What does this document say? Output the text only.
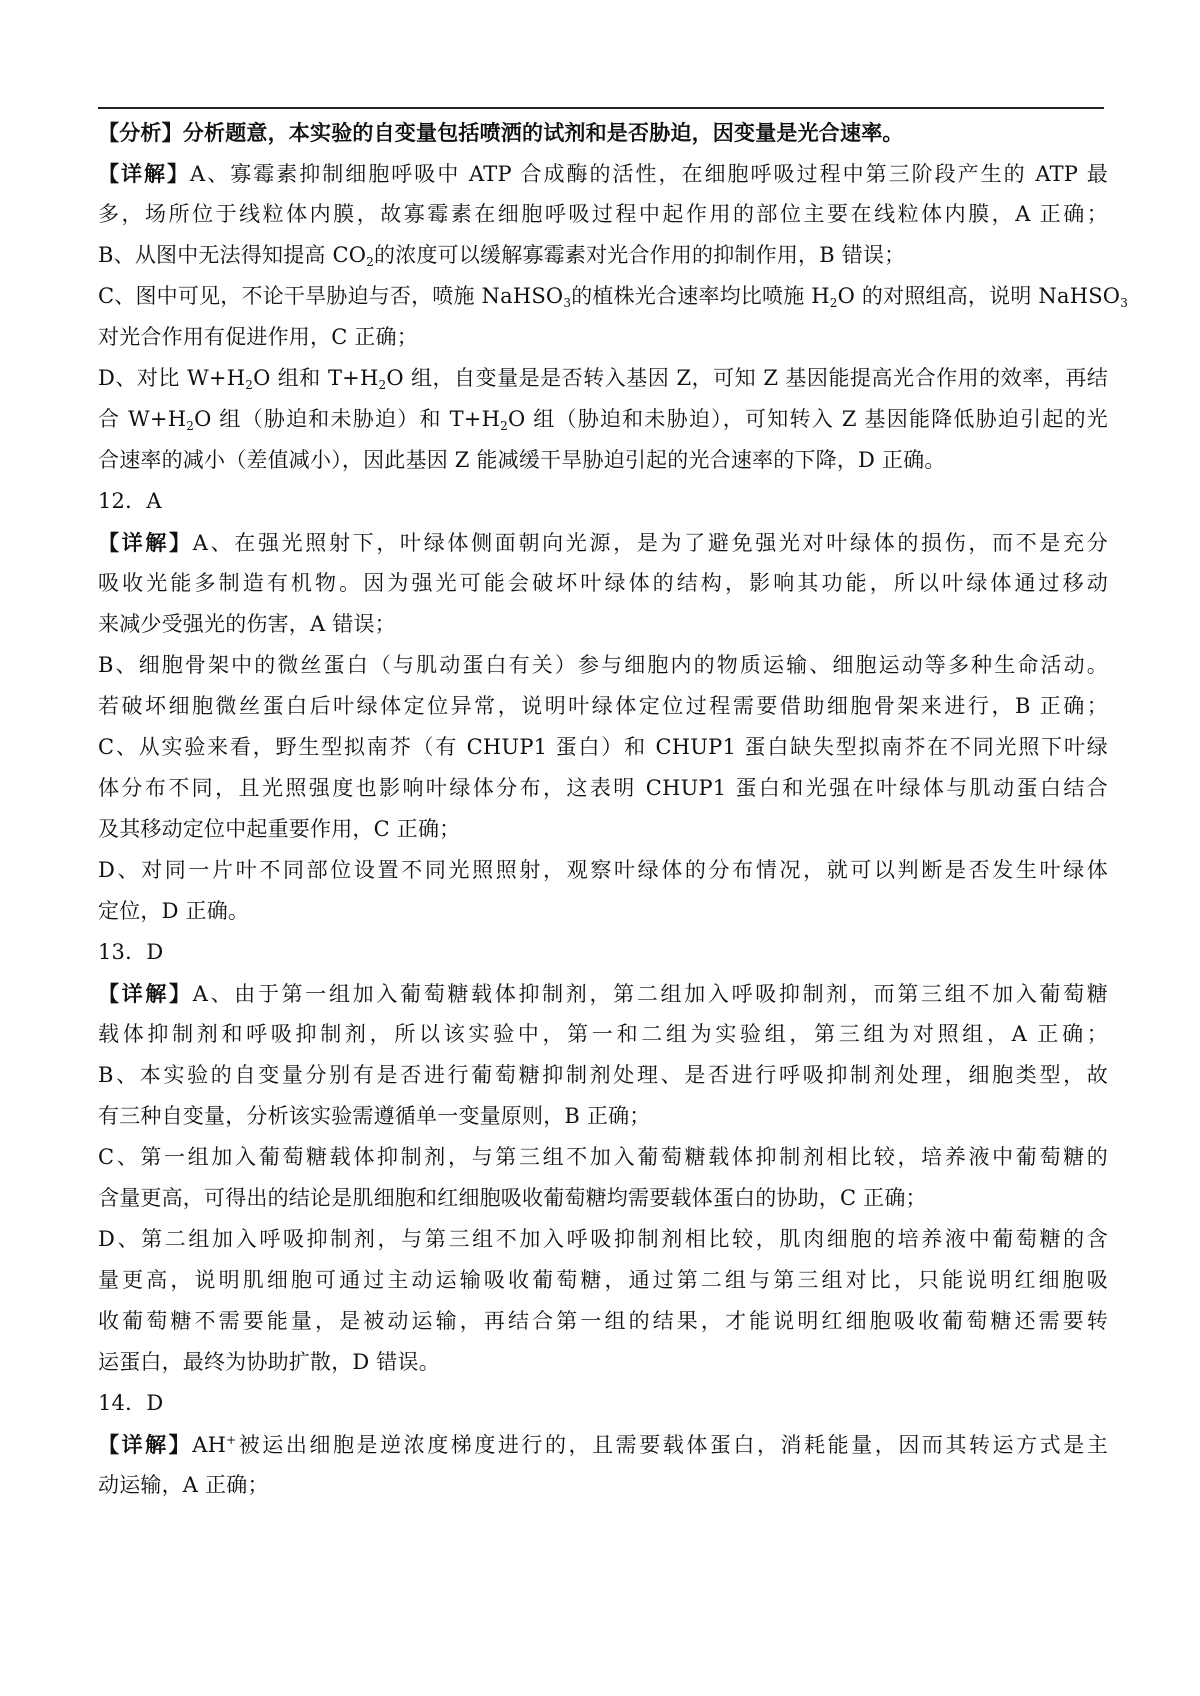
【分析】分析题意，本实验的自变量包括喷洒的试剂和是否胁迫，因变量是光合速率。
【详解】A、寡霉素抑制细胞呼吸中 ATP 合成酶的活性，在细胞呼吸过程中第三阶段产生的 ATP 最
多，场所位于线粒体内膜，故寡霉素在细胞呼吸过程中起作用的部位主要在线粒体内膜，A 正确；
B、从图中无法得知提高 $CO_2$的浓度可以缓解寡霉素对光合作用的抑制作用，B 错误；
C、图中可见，不论干旱胁迫与否，喷施 NaHSO$_3$的植株光合速率均比喷施 $H_2O$ 的对照组高，说明 NaHSO$_3$
对光合作用有促进作用，C 正确；
D、对比 $W+H_2O$ 组和 $T+H_2O$ 组，自变量是是否转入基因 Z，可知 Z 基因能提高光合作用的效率，再结
合 $W+H_2O$ 组（胁迫和未胁迫）和 $T+H_2O$ 组（胁迫和未胁迫），可知转入 Z 基因能降低胁迫引起的光
合速率的减小（差值减小），因此基因 Z 能减缓干旱胁迫引起的光合速率的下降，D 正确。
12．A
【详解】A、在强光照射下，叶绿体侧面朝向光源，是为了避免强光对叶绿体的损伤，而不是充分
吸收光能多制造有机物。因为强光可能会破坏叶绿体的结构，影响其功能，所以叶绿体通过移动
来减少受强光的伤害，A 错误；
B、细胞骨架中的微丝蛋白（与肌动蛋白有关）参与细胞内的物质运输、细胞运动等多种生命活动。
若破坏细胞微丝蛋白后叶绿体定位异常，说明叶绿体定位过程需要借助细胞骨架来进行，B 正确；
C、从实验来看，野生型拟南芥（有 CHUP1 蛋白）和 CHUP1 蛋白缺失型拟南芥在不同光照下叶绿
体分布不同，且光照强度也影响叶绿体分布，这表明 CHUP1 蛋白和光强在叶绿体与肌动蛋白结合
及其移动定位中起重要作用，C 正确；
D、对同一片叶不同部位设置不同光照照射，观察叶绿体的分布情况，就可以判断是否发生叶绿体
定位，D 正确。
13．D
【详解】A、由于第一组加入葡萄糖载体抑制剂，第二组加入呼吸抑制剂，而第三组不加入葡萄糖
载体抑制剂和呼吸抑制剂，所以该实验中，第一和二组为实验组，第三组为对照组，A 正确；
B、本实验的自变量分别有是否进行葡萄糖抑制剂处理、是否进行呼吸抑制剂处理，细胞类型，故
有三种自变量，分析该实验需遵循单一变量原则，B 正确；
C、第一组加入葡萄糖载体抑制剂，与第三组不加入葡萄糖载体抑制剂相比较，培养液中葡萄糖的
含量更高，可得出的结论是肌细胞和红细胞吸收葡萄糖均需要载体蛋白的协助，C 正确；
D、第二组加入呼吸抑制剂，与第三组不加入呼吸抑制剂相比较，肌肉细胞的培养液中葡萄糖的含
量更高，说明肌细胞可通过主动运输吸收葡萄糖，通过第二组与第三组对比，只能说明红细胞吸
收葡萄糖不需要能量，是被动运输，再结合第一组的结果，才能说明红细胞吸收葡萄糖还需要转
运蛋白，最终为协助扩散，D 错误。
14．D
【详解】AH+被运出细胞是逆浓度梯度进行的，且需要载体蛋白，消耗能量，因而其转运方式是主
动运输，A 正确；
